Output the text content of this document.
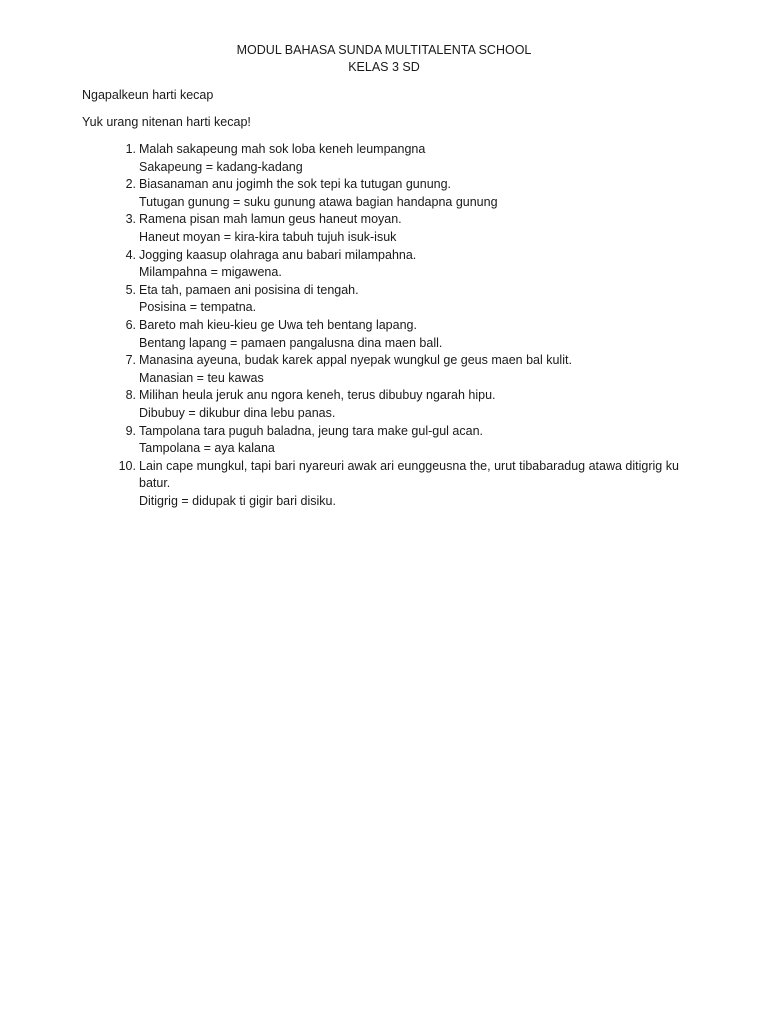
MODUL BAHASA SUNDA MULTITALENTA SCHOOL
KELAS 3 SD
Ngapalkeun harti kecap
Yuk urang nitenan harti kecap!
1. Malah sakapeung mah sok loba keneh leumpangna
Sakapeung = kadang-kadang
2. Biasanaman anu jogimh the sok tepi ka tutugan gunung.
Tutugan gunung = suku gunung atawa bagian handapna gunung
3. Ramena pisan mah lamun geus haneut moyan.
Haneut moyan = kira-kira tabuh tujuh isuk-isuk
4. Jogging kaasup olahraga anu babari milampahna.
Milampahna = migawena.
5. Eta tah, pamaen ani posisina di tengah.
Posisina = tempatna.
6. Bareto mah kieu-kieu ge Uwa teh bentang lapang.
Bentang lapang = pamaen pangalusna dina maen ball.
7. Manasina ayeuna, budak karek appal nyepak wungkul ge geus maen bal kulit.
Manasian = teu kawas
8. Milihan heula jeruk anu ngora keneh, terus dibubuy ngarah hipu.
Dibubuy = dikubur dina lebu panas.
9. Tampolana tara puguh baladna, jeung tara make gul-gul acan.
Tampolana = aya kalana
10. Lain cape mungkul, tapi bari nyareuri awak ari eunggeusna the, urut tibabaradug atawa ditigrig ku batur.
Ditigrig = didupak ti gigir bari disiku.
